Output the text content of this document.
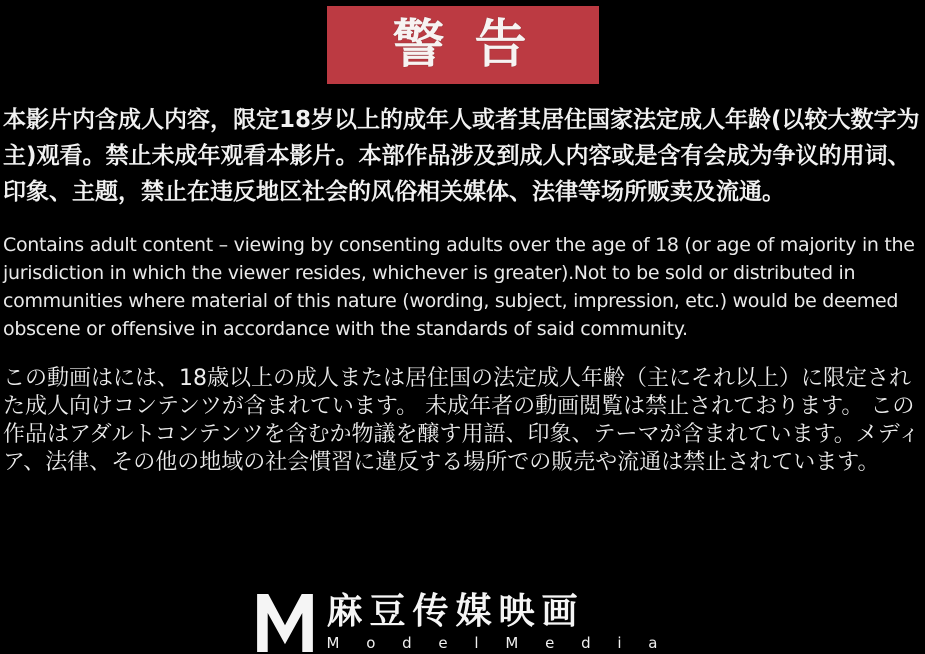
警 告

本影片内含成人内容，限定18岁以上的成年人或者其居住国家法定成人年龄(以较大数字为主)观看。禁止未成年观看本影片。本部作品涉及到成人内容或是含有会成为争议的用词、印象、主题，禁止在违反地区社会的风俗相关媒体、法律等场所贩卖及流通。

Contains adult content – viewing by consenting adults over the age of 18 (or age of majority in the jurisdiction in which the viewer resides, whichever is greater).Not to be sold or distributed in communities where material of this nature (wording, subject, impression, etc.) would be deemed obscene or offensive in accordance with the standards of said community.

この動画はには、18歳以上の成人または居住国の法定成人年齢（主にそれ以上）に限定された成人向けコンテンツが含まれています。 未成年者の動画閲覧は禁止されております。 この作品はアダルトコンテンツを含むか物議を醸す用語、印象、テーマが含まれています。メディア、法律、その他の地域の社会慣習に違反する場所での販売や流通は禁止されています。

麻豆传媒映画
M o d e l M e d i a
